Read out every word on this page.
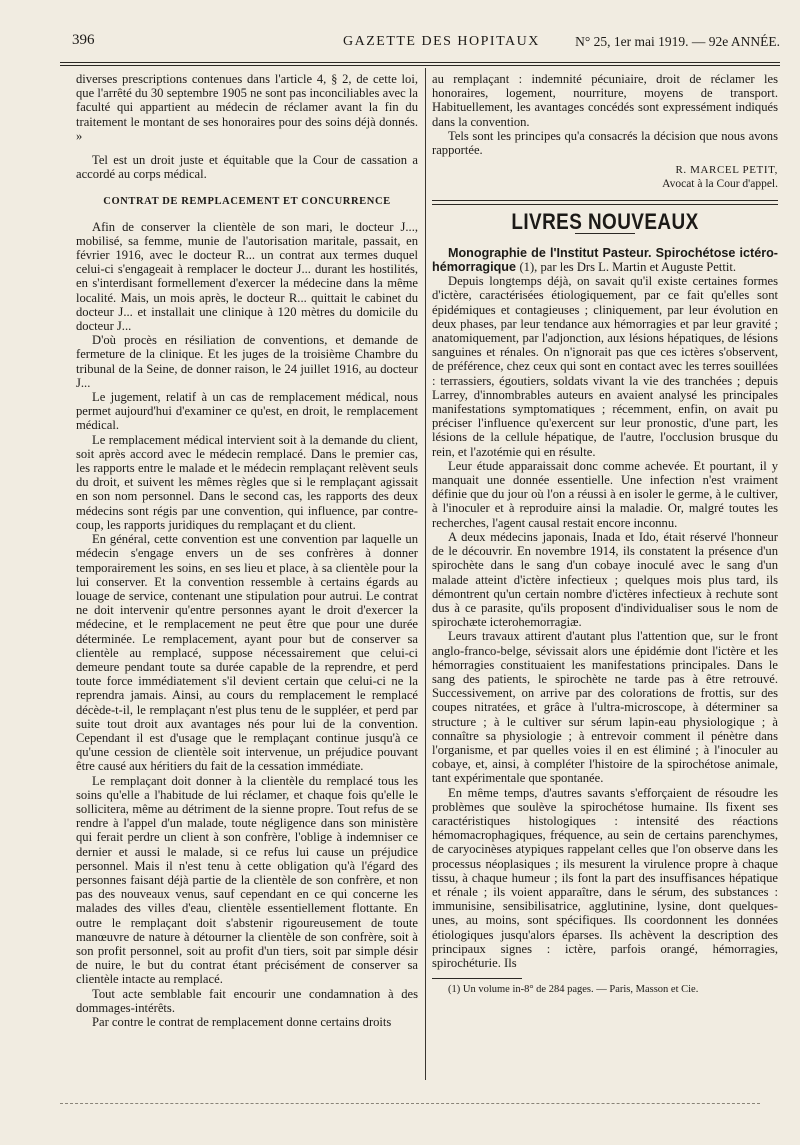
396	GAZETTE DES HOPITAUX	N° 25, 1er mai 1919. — 92e ANNÉE.

diverses prescriptions contenues dans l'article 4, § 2, de cette loi, que l'arrêté du 30 septembre 1905 ne sont pas inconciliables avec la faculté qui appartient au médecin de réclamer avant la fin du traitement le montant de ses honoraires pour des soins déjà donnés. »

Tel est un droit juste et équitable que la Cour de cassation a accordé au corps médical.

CONTRAT DE REMPLACEMENT ET CONCURRENCE

Afin de conserver la clientèle de son mari, le docteur J..., mobilisé, sa femme, munie de l'autorisation maritale, passait, en février 1916, avec le docteur R... un contrat aux termes duquel celui-ci s'engageait à remplacer le docteur J... durant les hostilités, en s'interdisant formellement d'exercer la médecine dans la même localité. Mais, un mois après, le docteur R... quittait le cabinet du docteur J... et installait une clinique à 120 mètres du domicile du docteur J...

D'où procès en résiliation de conventions, et demande de fermeture de la clinique. Et les juges de la troisième Chambre du tribunal de la Seine, de donner raison, le 24 juillet 1916, au docteur J...

Le jugement, relatif à un cas de remplacement médical, nous permet aujourd'hui d'examiner ce qu'est, en droit, le remplacement médical.

Le remplacement médical intervient soit à la demande du client, soit après accord avec le médecin remplacé. Dans le premier cas, les rapports entre le malade et le médecin remplaçant relèvent seuls du droit, et suivent les mêmes règles que si le remplaçant agissait en son nom personnel. Dans le second cas, les rapports des deux médecins sont régis par une convention, qui influence, par contre-coup, les rapports juridiques du remplaçant et du client.

En général, cette convention est une convention par laquelle un médecin s'engage envers un de ses confrères à donner temporairement les soins, en ses lieu et place, à sa clientèle pour la lui conserver. Et la convention ressemble à certains égards au louage de service, contenant une stipulation pour autrui. Le contrat ne doit intervenir qu'entre personnes ayant le droit d'exercer la médecine, et le remplacement ne peut être que pour une durée déterminée. Le remplacement, ayant pour but de conserver sa clientèle au remplacé, suppose nécessairement que celui-ci demeure pendant toute sa durée capable de la reprendre, et perd toute force immédiatement s'il devient certain que celui-ci ne la reprendra jamais. Ainsi, au cours du remplacement le remplacé décède-t-il, le remplaçant n'est plus tenu de le suppléer, et perd par suite tout droit aux avantages nés pour lui de la convention. Cependant il est d'usage que le remplaçant continue jusqu'à ce qu'une cession de clientèle soit intervenue, un préjudice pouvant être causé aux héritiers du fait de la cessation immédiate.

Le remplaçant doit donner à la clientèle du remplacé tous les soins qu'elle a l'habitude de lui réclamer, et chaque fois qu'elle le sollicitera, même au détriment de la sienne propre. Tout refus de se rendre à l'appel d'un malade, toute négligence dans son ministère qui ferait perdre un client à son confrère, l'oblige à indemniser ce dernier et aussi le malade, si ce refus lui cause un préjudice personnel. Mais il n'est tenu à cette obligation qu'à l'égard des personnes faisant déjà partie de la clientèle de son confrère, et non pas des nouveaux venus, sauf cependant en ce qui concerne les malades des villes d'eau, clientèle essentiellement flottante. En outre le remplaçant doit s'abstenir rigoureusement de toute manœuvre de nature à détourner la clientèle de son confrère, soit à son profit personnel, soit au profit d'un tiers, soit par simple désir de nuire, le but du contrat étant précisément de conserver sa clientèle intacte au remplacé.

Tout acte semblable fait encourir une condamnation à des dommages-intérêts.

Par contre le contrat de remplacement donne certains droits

au remplaçant : indemnité pécuniaire, droit de réclamer les honoraires, logement, nourriture, moyens de transport. Habituellement, les avantages concédés sont expressément indiqués dans la convention.

Tels sont les principes qu'a consacrés la décision que nous avons rapportée.

R. MARCEL PETIT,
Avocat à la Cour d'appel.
LIVRES NOUVEAUX

Monographie de l'Institut Pasteur. Spirochétose ictéro-hémorragique (1), par les Drs L. Martin et Auguste Pettit.

Depuis longtemps déjà, on savait qu'il existe certaines formes d'ictère, caractérisées étiologiquement, par ce fait qu'elles sont épidémiques et contagieuses ; cliniquement, par leur évolution en deux phases, par leur tendance aux hémorragies et par leur gravité ; anatomiquement, par l'adjonction, aux lésions hépatiques, de lésions sanguines et rénales. On n'ignorait pas que ces ictères s'observent, de préférence, chez ceux qui sont en contact avec les terres souillées : terrassiers, égoutiers, soldats vivant la vie des tranchées ; depuis Larrey, d'innombrables auteurs en avaient analysé les principales manifestations symptomatiques ; récemment, enfin, on avait pu préciser l'influence qu'exercent sur leur pronostic, d'une part, les lésions de la cellule hépatique, de l'autre, l'occlusion brusque du rein, et l'azotémie qui en résulte.

Leur étude apparaissait donc comme achevée. Et pourtant, il y manquait une donnée essentielle. Une infection n'est vraiment définie que du jour où l'on a réussi à en isoler le germe, à le cultiver, à l'inoculer et à reproduire ainsi la maladie. Or, malgré toutes les recherches, l'agent causal restait encore inconnu.

A deux médecins japonais, Inada et Ido, était réservé l'honneur de le découvrir. En novembre 1914, ils constatent la présence d'un spirochète dans le sang d'un cobaye inoculé avec le sang d'un malade atteint d'ictère infectieux ; quelques mois plus tard, ils démontrent qu'un certain nombre d'ictères infectieux à rechute sont dus à ce parasite, qu'ils proposent d'individualiser sous le nom de spirochæte icterohemorragiæ.

Leurs travaux attirent d'autant plus l'attention que, sur le front anglo-franco-belge, sévissait alors une épidémie dont l'ictère et les hémorragies constituaient les manifestations principales. Dans le sang des patients, le spirochète ne tarde pas à être retrouvé. Successivement, on arrive par des colorations de frottis, sur des coupes nitratées, et grâce à l'ultra-microscope, à déterminer sa structure ; à le cultiver sur sérum lapin-eau physiologique ; à connaître sa physiologie ; à entrevoir comment il pénètre dans l'organisme, et par quelles voies il en est éliminé ; à l'inoculer au cobaye, et, ainsi, à compléter l'histoire de la spirochétose animale, tant expérimentale que spontanée.

En même temps, d'autres savants s'efforçaient de résoudre les problèmes que soulève la spirochétose humaine. Ils fixent ses caractéristiques histologiques : intensité des réactions hémomacrophagiques, fréquence, au sein de certains parenchymes, de caryocinèses atypiques rappelant celles que l'on observe dans les processus néoplasiques ; ils mesurent la virulence propre à chaque tissu, à chaque humeur ; ils font la part des insuffisances hépatique et rénale ; ils voient apparaître, dans le sérum, des substances : immunisine, sensibilisatrice, agglutinine, lysine, dont quelques-unes, au moins, sont spécifiques. Ils coordonnent les données étiologiques jusqu'alors éparses. Ils achèvent la description des principaux signes : ictère, parfois orangé, hémorragies, spirochéturie. Ils

(1) Un volume in-8° de 284 pages. — Paris, Masson et Cie.
